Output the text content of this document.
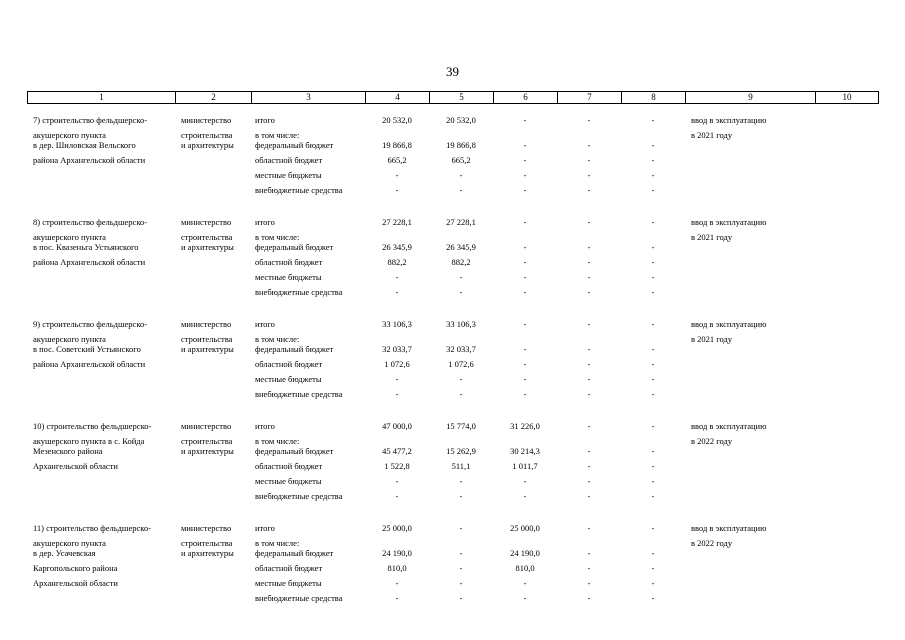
39
1	2	3	4	5	6	7	8	9	10
7) строительство фельдшерско-	министерство	итого	20 532,0	20 532,0	-	-	-	ввод в эксплуатацию	
акушерского пункта	строительства	в том числе:						в 2021 году	
в дер. Шиловская Вельского	и архитектуры	федеральный бюджет	19 866,8	19 866,8	-	-	-		
района Архангельской области		областной бюджет	665,2	665,2	-	-	-		
		местные бюджеты	-	-	-	-	-		
		внебюджетные средства	-	-	-	-	-		

8) строительство фельдшерско-	министерство	итого	27 228,1	27 228,1	-	-	-	ввод в эксплуатацию	
акушерского пункта	строительства	в том числе:						в 2021 году	
в пос. Квазеньга Устьянского	и архитектуры	федеральный бюджет	26 345,9	26 345,9	-	-	-		
района Архангельской области		областной бюджет	882,2	882,2	-	-	-		
		местные бюджеты	-	-	-	-	-		
		внебюджетные средства	-	-	-	-	-		

9) строительство фельдшерско-	министерство	итого	33 106,3	33 106,3	-	-	-	ввод в эксплуатацию	
акушерского пункта	строительства	в том числе:						в 2021 году	
в пос. Советский Устьянского	и архитектуры	федеральный бюджет	32 033,7	32 033,7	-	-	-		
района Архангельской области		областной бюджет	1 072,6	1 072,6	-	-	-		
		местные бюджеты	-	-	-	-	-		
		внебюджетные средства	-	-	-	-	-		

10) строительство фельдшерско-	министерство	итого	47 000,0	15 774,0	31 226,0	-	-	ввод в эксплуатацию	
акушерского пункта в с. Койда	строительства	в том числе:						в 2022 году	
Мезенского района	и архитектуры	федеральный бюджет	45 477,2	15 262,9	30 214,3	-	-		
Архангельской области		областной бюджет	1 522,8	511,1	1 011,7	-	-		
		местные бюджеты	-	-	-	-	-		
		внебюджетные средства	-	-	-	-	-		

11) строительство фельдшерско-	министерство	итого	25 000,0	-	25 000,0	-	-	ввод в эксплуатацию	
акушерского пункта	строительства	в том числе:						в 2022 году	
в дер. Усачевская	и архитектуры	федеральный бюджет	24 190,0	-	24 190,0	-	-		
Каргопольского района		областной бюджет	810,0	-	810,0	-	-		
Архангельской области		местные бюджеты	-	-	-	-	-		
		внебюджетные средства	-	-	-	-	-		
